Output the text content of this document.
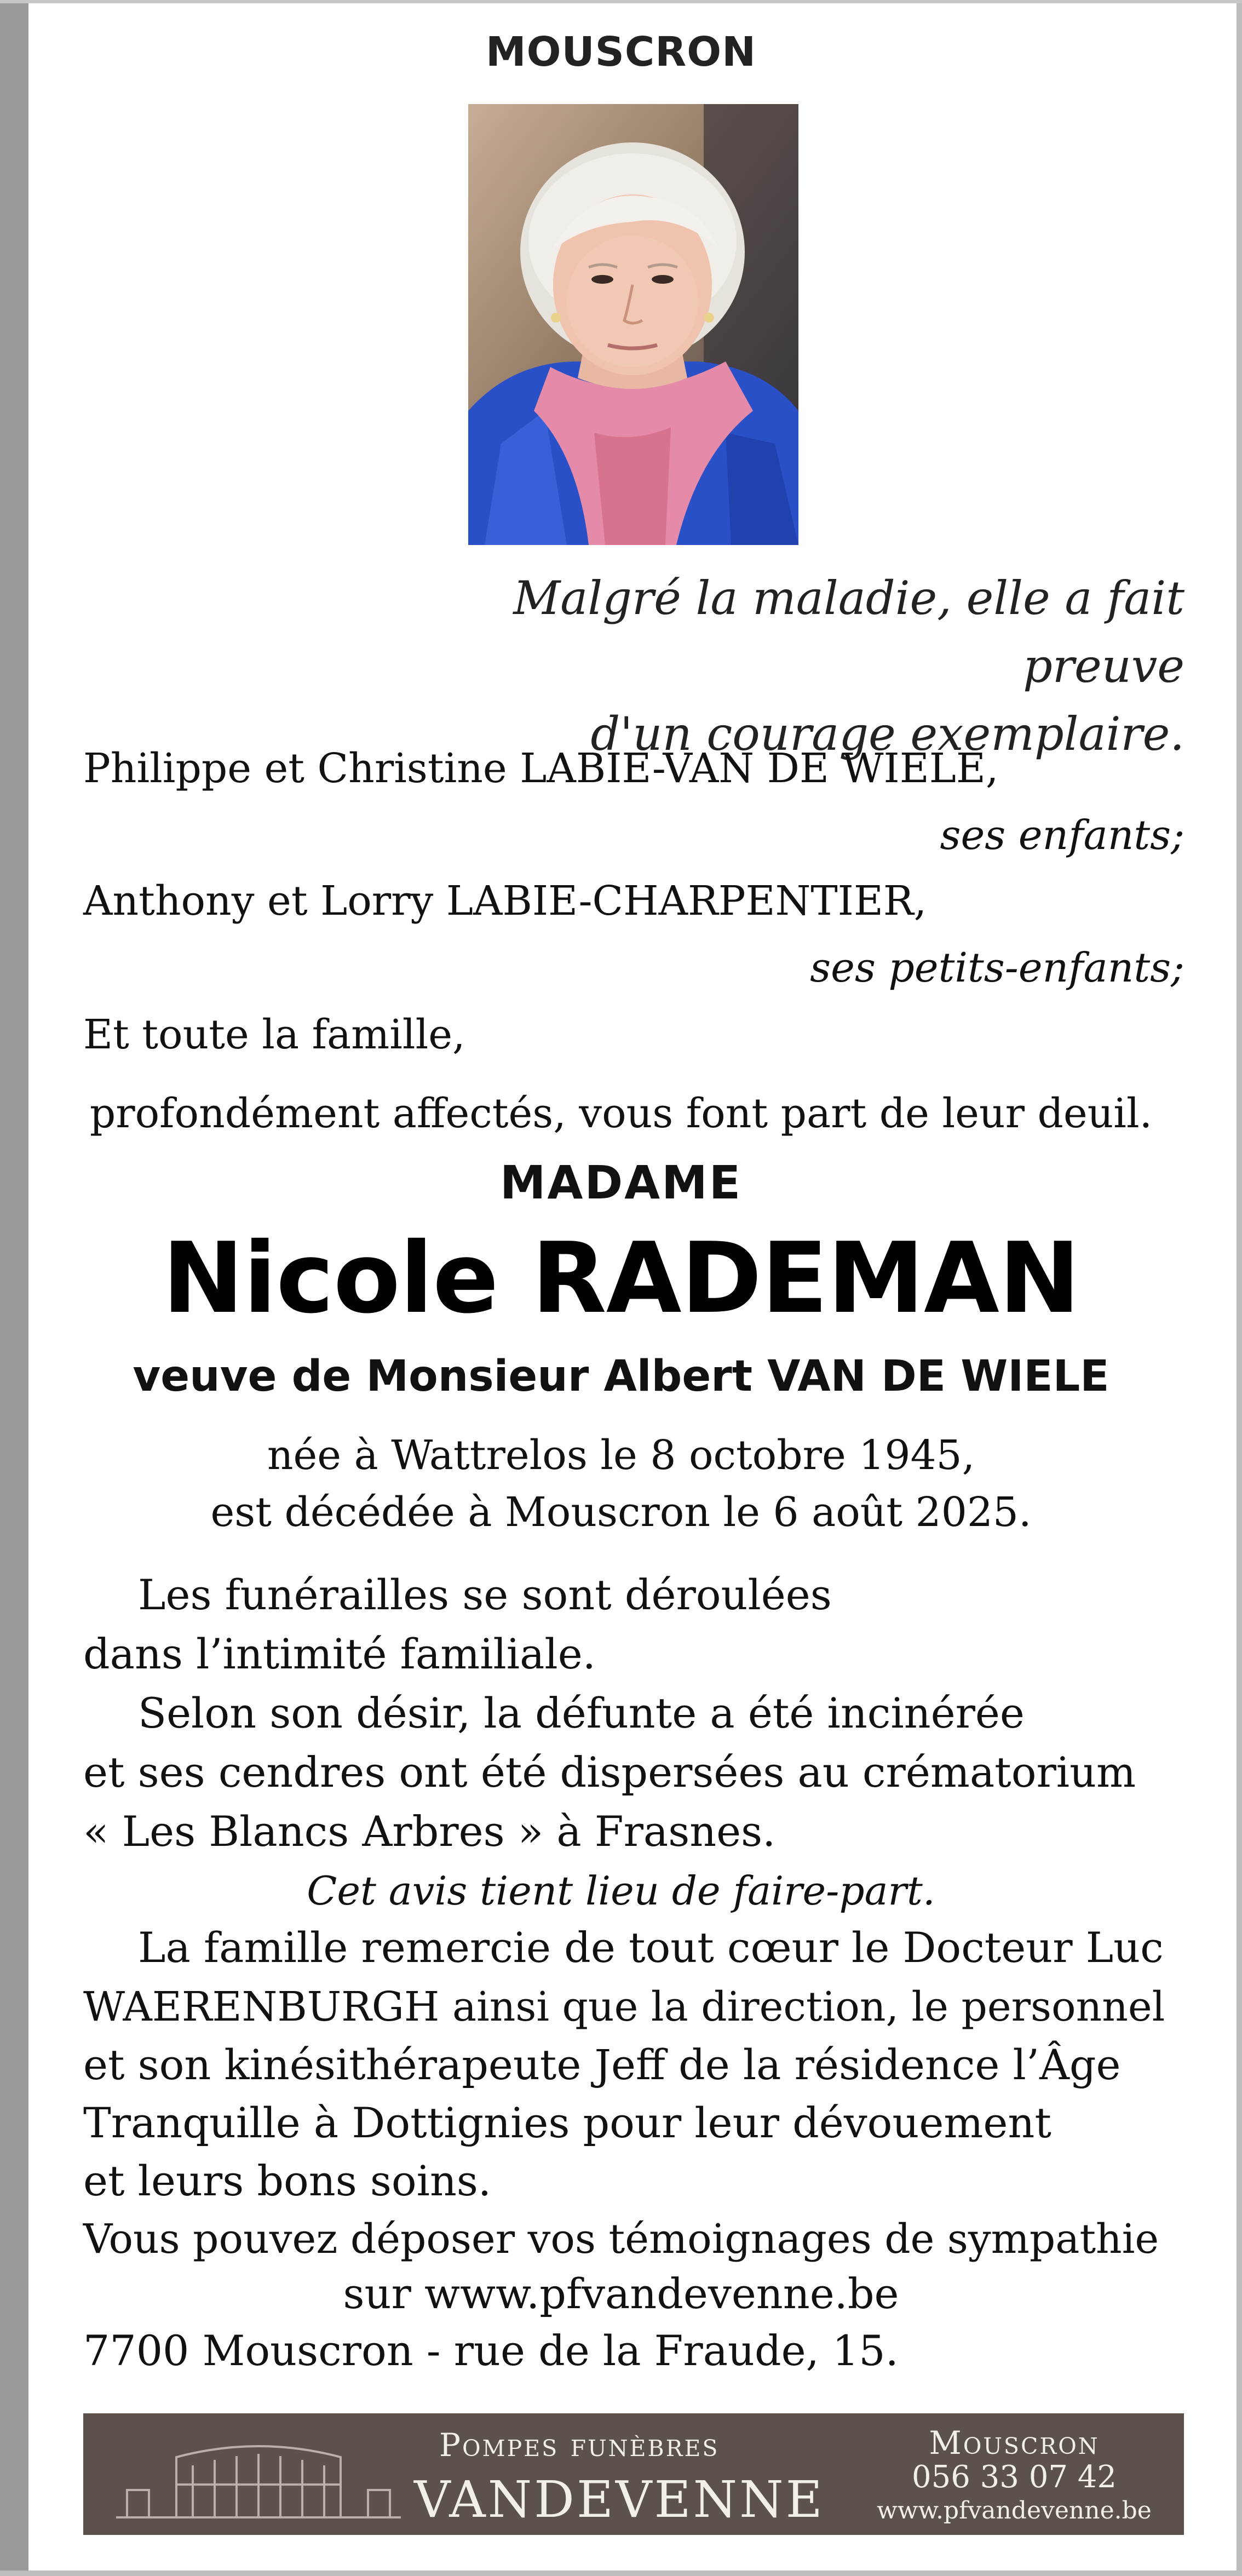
MOUSCRON
Malgré la maladie, elle a fait preuve
d'un courage exemplaire.
Philippe et Christine LABIE-VAN DE WIELE,
ses enfants;
Anthony et Lorry LABIE-CHARPENTIER,
ses petits-enfants;
Et toute la famille,
profondément affectés, vous font part de leur deuil.
MADAME
Nicole RADEMAN
veuve de Monsieur Albert VAN DE WIELE
née à Wattrelos le 8 octobre 1945,
est décédée à Mouscron le 6 août 2025.
Les funérailles se sont déroulées
dans l’intimité familiale.
Selon son désir, la défunte a été incinérée
et ses cendres ont été dispersées au crématorium
« Les Blancs Arbres » à Frasnes.
Cet avis tient lieu de faire-part.
La famille remercie de tout cœur le Docteur Luc
WAERENBURGH ainsi que la direction, le personnel
et son kinésithérapeute Jeff de la résidence l’Âge
Tranquille à Dottignies pour leur dévouement
et leurs bons soins.
Vous pouvez déposer vos témoignages de sympathie
sur www.pfvandevenne.be
7700 Mouscron - rue de la Fraude, 15.
Pompes funèbres
VANDEVENNE
Mouscron
056 33 07 42
www.pfvandevenne.be
